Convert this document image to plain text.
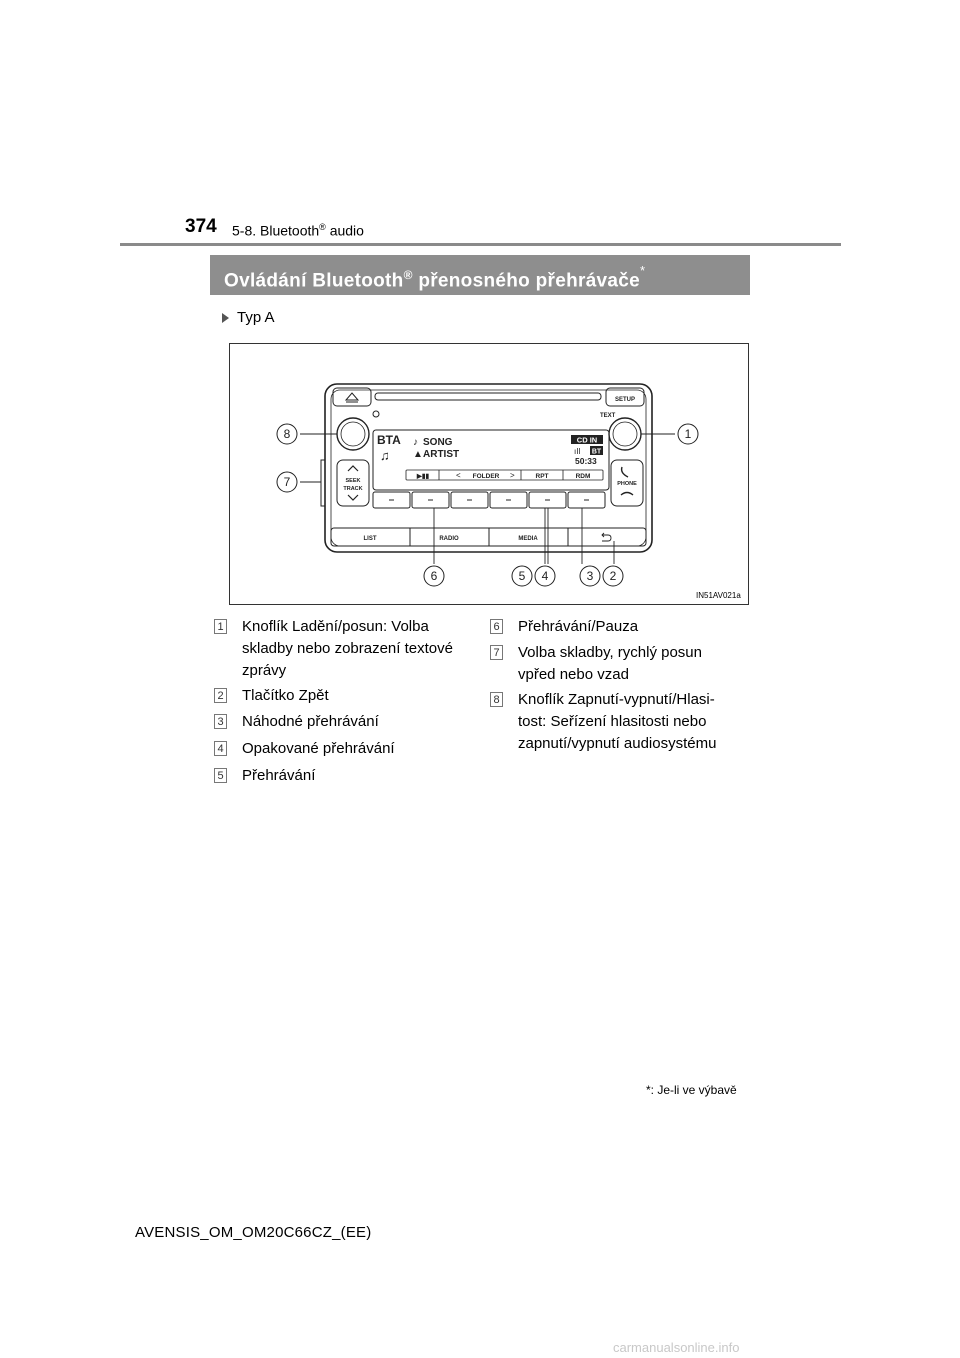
374 5-8. Bluetooth® audio
Ovládání Bluetooth® přenosného přehrávače*
Typ A
SETUP
TEXT
BTA
♫
♪ SONG
▲ ARTIST
CD IN
ıIl BT
50:33
▶▮▮	< FOLDER >	RPT	RDM
SEEK
TRACK
PHONE
LIST	RADIO	MEDIA
8
7
1
6	5 4	3 2
IN51AV021a
1 Knoflík Ladění/posun: Volba
skladby nebo zobrazení textové
zprávy
2 Tlačítko Zpět
3 Náhodné přehrávání
4 Opakované přehrávání
5 Přehrávání
6 Přehrávání/Pauza
7 Volba skladby, rychlý posun
vpřed nebo vzad
8 Knoflík Zapnutí-vypnutí/Hlasi-
tost: Seřízení hlasitosti nebo
zapnutí/vypnutí audiosystému
*: Je-li ve výbavě
AVENSIS_OM_OM20C66CZ_(EE)
carmanualsonline.info
